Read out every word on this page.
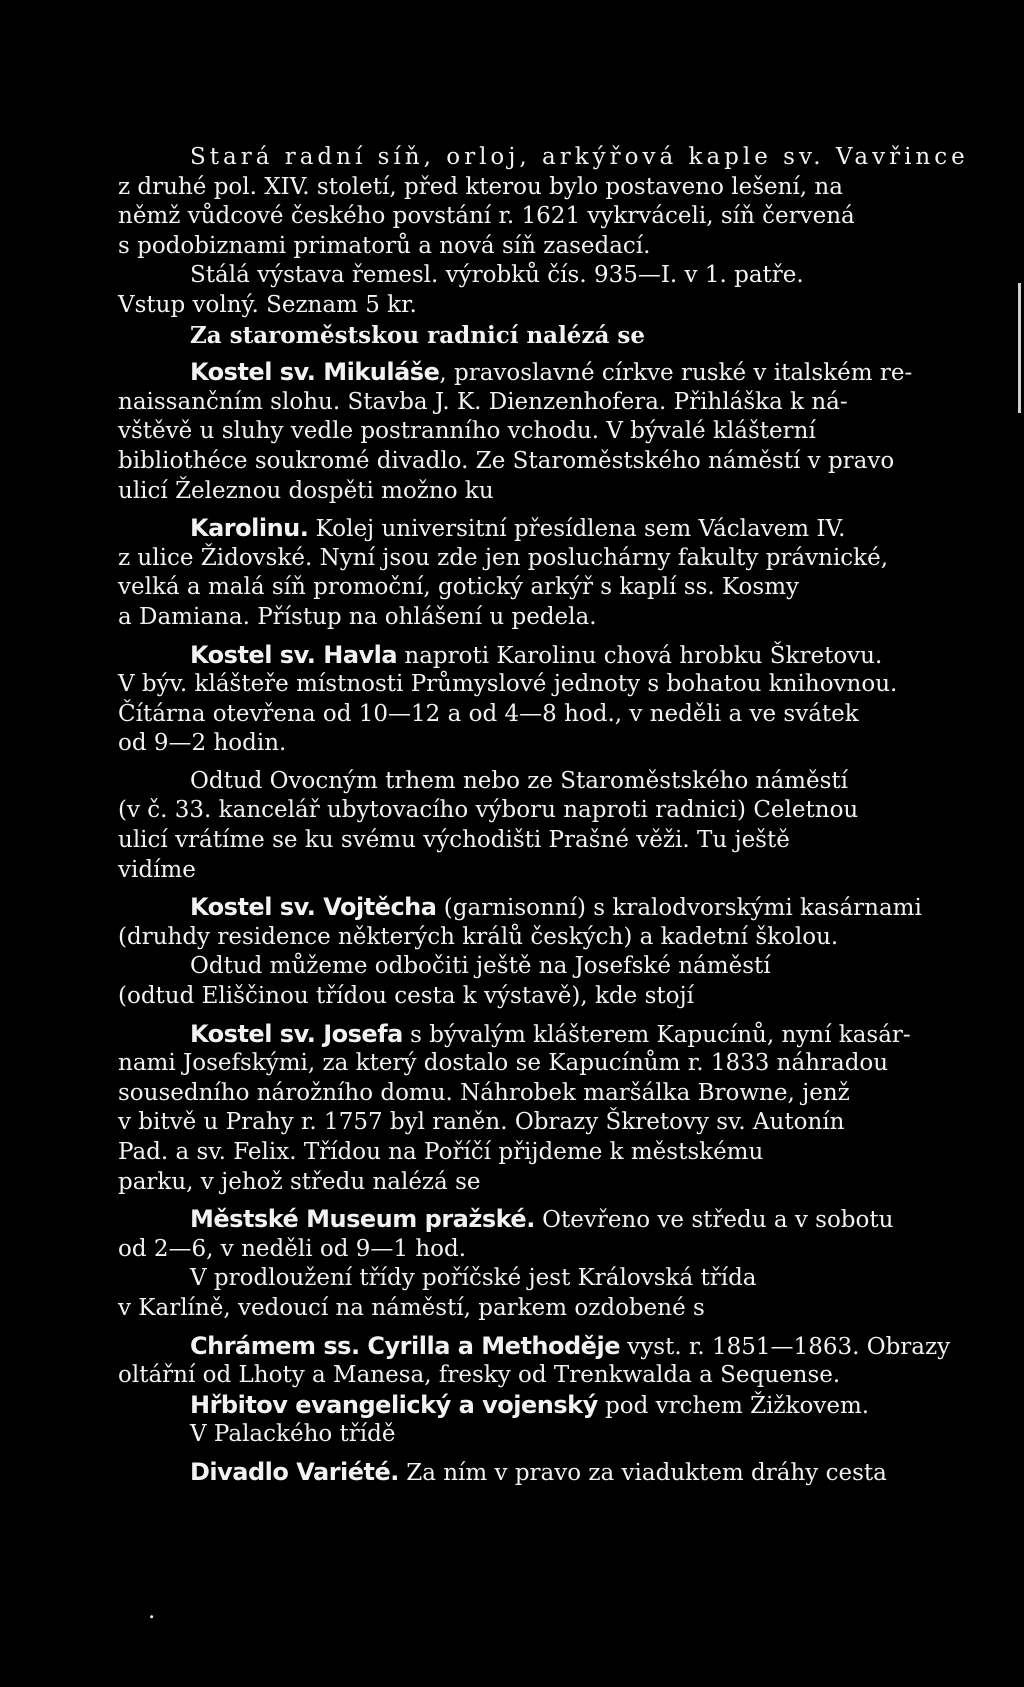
Stará radní síň, orloj, arkýřová kaple sv. Vavřince
z druhé pol. XIV. století, před kterou bylo postaveno lešení, na
němž vůdcové českého povstání r. 1621 vykrváceli, síň červená
s podobiznami primatorů a nová síň zasedací.
Stálá výstava řemesl. výrobků čís. 935—I. v 1. patře.
Vstup volný. Seznam 5 kr.
Za staroměstskou radnicí nalézá se
Kostel sv. Mikuláše, pravoslavné církve ruské v italském re-
naissančním slohu. Stavba J. K. Dienzenhofera. Přihláška k ná-
vštěvě u sluhy vedle postranního vchodu. V bývalé klášterní
bibliothéce soukromé divadlo. Ze Staroměstského náměstí v pravo
ulicí Železnou dospěti možno ku
Karolinu. Kolej universitní přesídlena sem Václavem IV.
z ulice Židovské. Nyní jsou zde jen posluchárny fakulty právnické,
velká a malá síň promoční, gotický arkýř s kaplí ss. Kosmy
a Damiana. Přístup na ohlášení u pedela.
Kostel sv. Havla naproti Karolinu chová hrobku Škretovu.
V býv. klášteře místnosti Průmyslové jednoty s bohatou knihovnou.
Čítárna otevřena od 10—12 a od 4—8 hod., v neděli a ve svátek
od 9—2 hodin.
Odtud Ovocným trhem nebo ze Staroměstského náměstí
(v č. 33. kancelář ubytovacího výboru naproti radnici) Celetnou
ulicí vrátíme se ku svému východišti Prašné věži. Tu ještě
vidíme
Kostel sv. Vojtěcha (garnisonní) s kralodvorskými kasárnami
(druhdy residence některých králů českých) a kadetní školou.
Odtud můžeme odbočiti ještě na Josefské náměstí
(odtud Eliščinou třídou cesta k výstavě), kde stojí
Kostel sv. Josefa s bývalým klášterem Kapucínů, nyní kasár-
nami Josefskými, za který dostalo se Kapucínům r. 1833 náhradou
sousedního nárožního domu. Náhrobek maršálka Browne, jenž
v bitvě u Prahy r. 1757 byl raněn. Obrazy Škretovy sv. Autonín
Pad. a sv. Felix. Třídou na Poříčí přijdeme k městskému
parku, v jehož středu nalézá se
Městské Museum pražské. Otevřeno ve středu a v sobotu
od 2—6, v neděli od 9—1 hod.
V prodloužení třídy poříčské jest Královská třída
v Karlíně, vedoucí na náměstí, parkem ozdobené s
Chrámem ss. Cyrilla a Methoděje vyst. r. 1851—1863. Obrazy
oltářní od Lhoty a Manesa, fresky od Trenkwalda a Sequense.
Hřbitov evangelický a vojenský pod vrchem Žižkovem.
V Palackého třídě
Divadlo Variété. Za ním v pravo za viaduktem dráhy cesta
.
